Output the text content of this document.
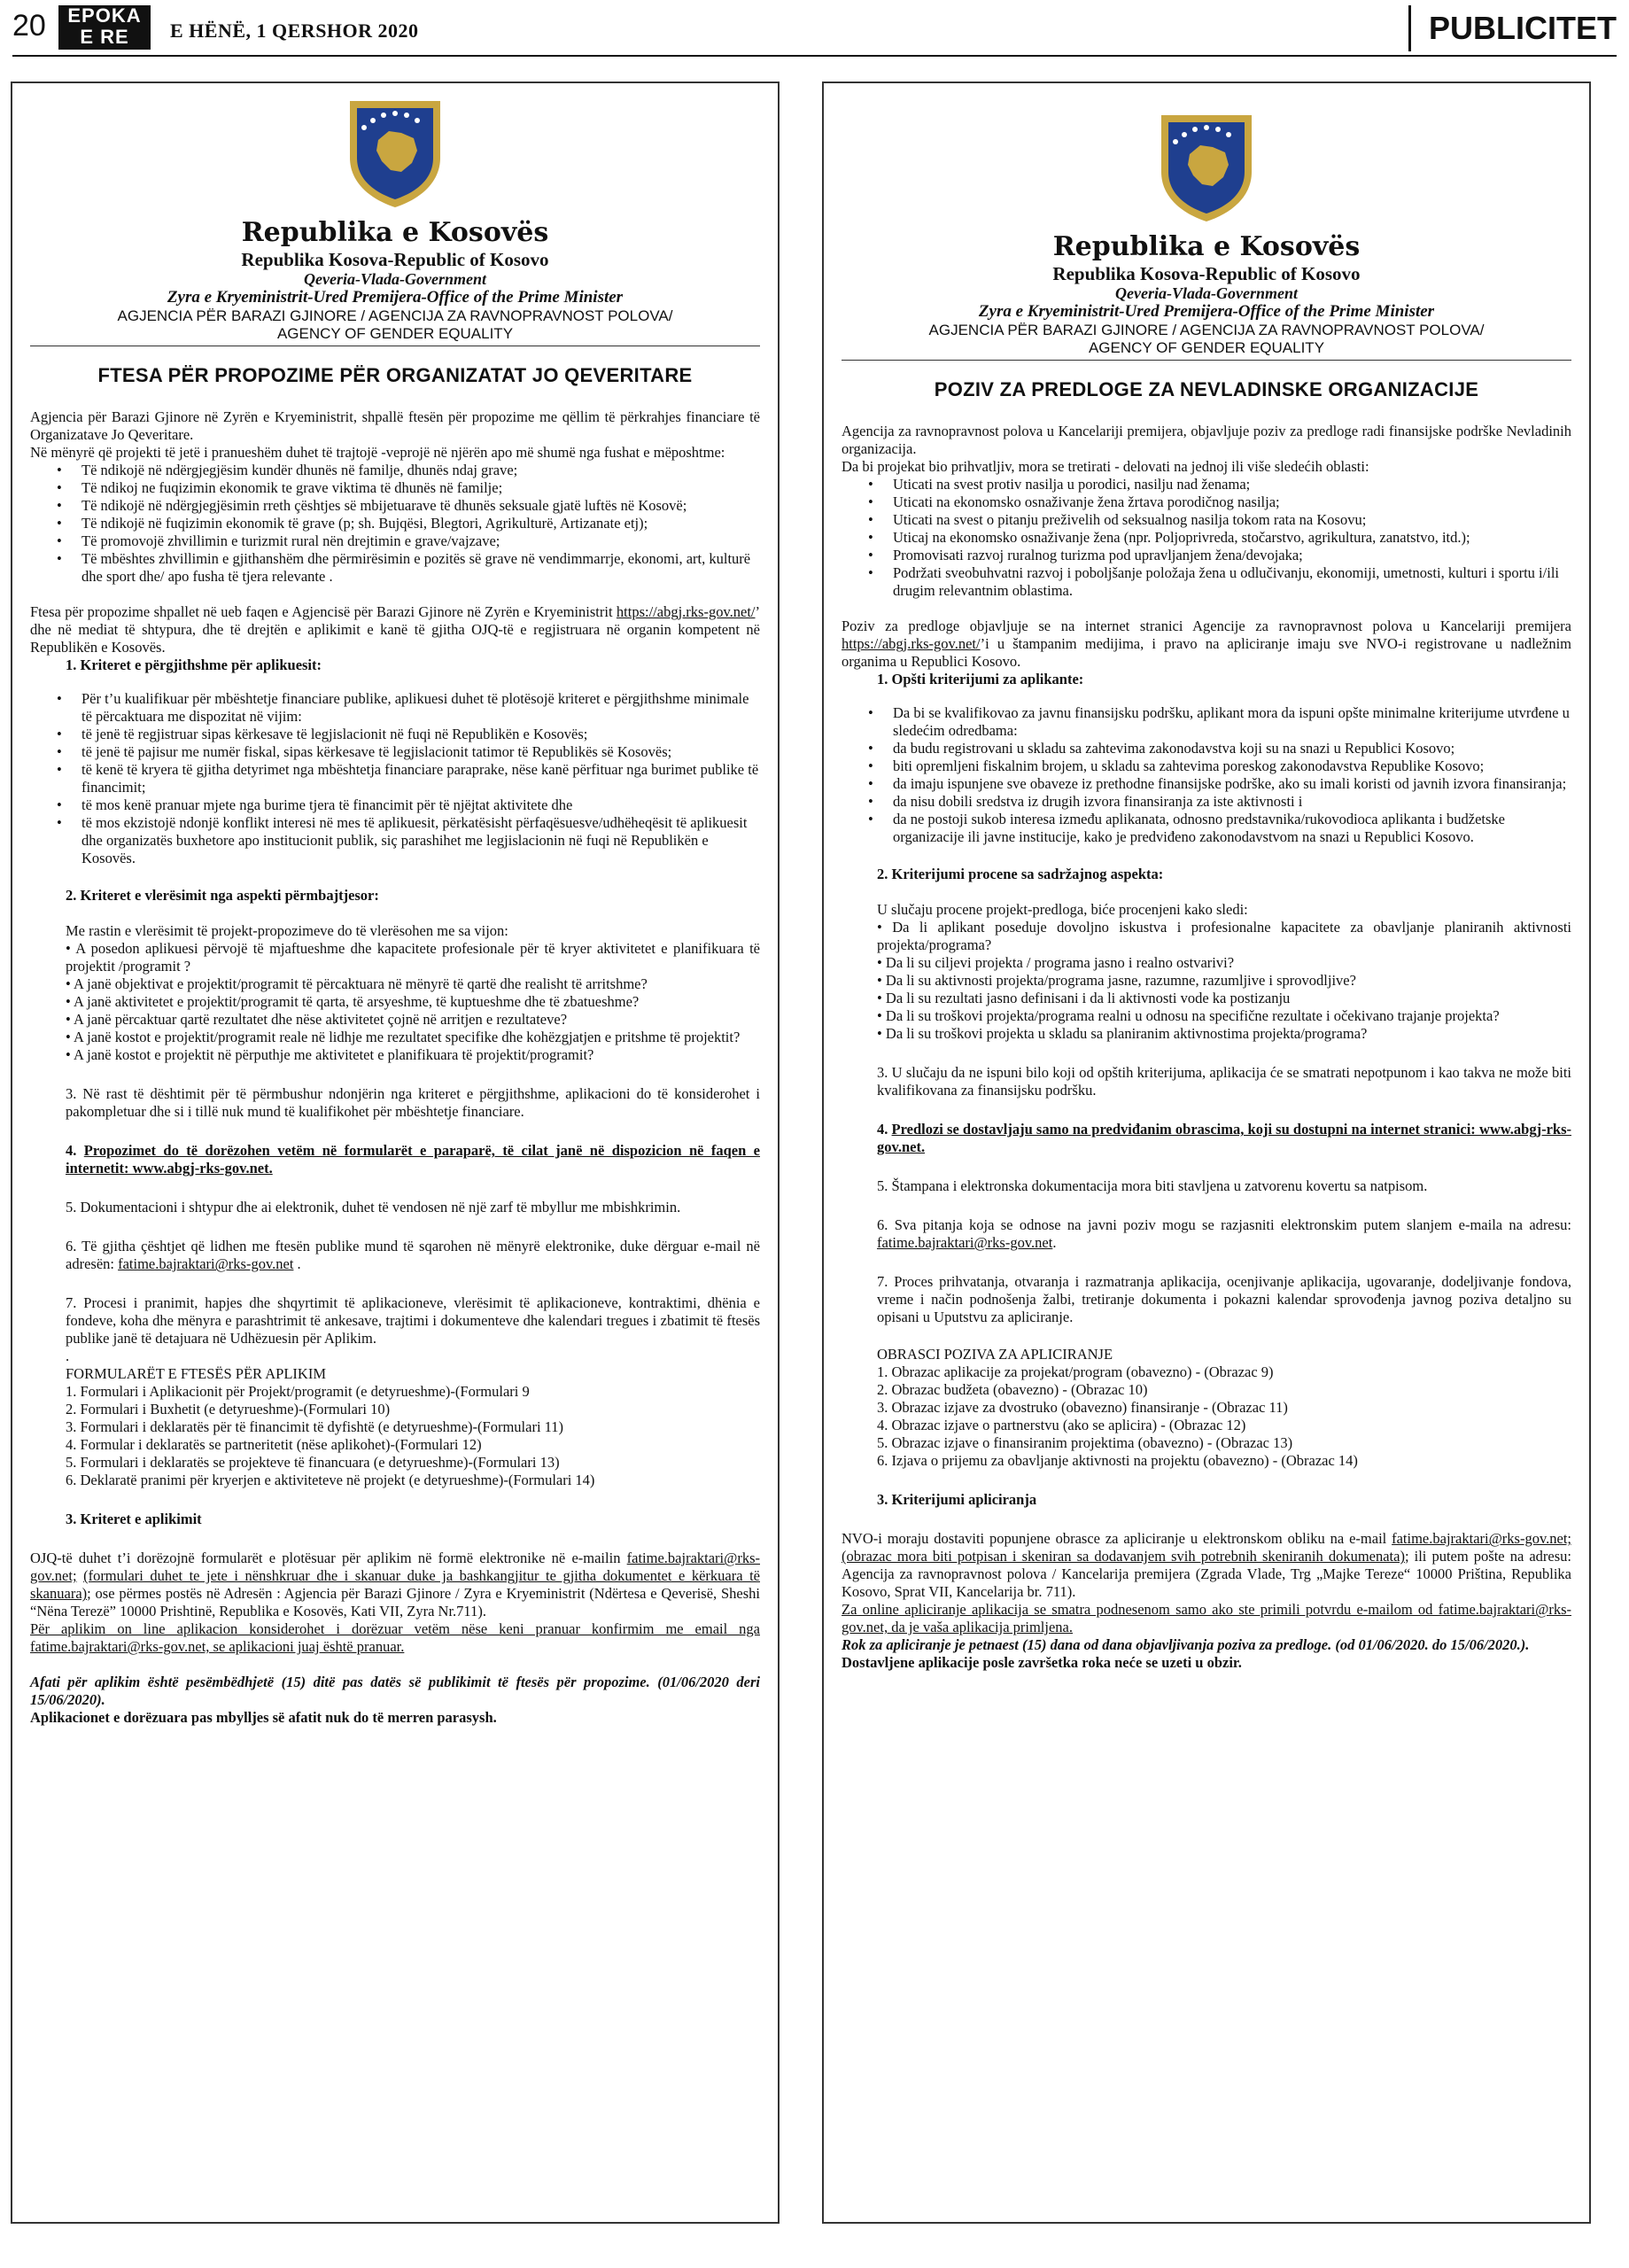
20	EPOKA
E RE	E HËNË, 1 QERSHOR 2020	PUBLICITET
Republika e Kosovës
Republika Kosova-Republic of Kosovo
Qeveria-Vlada-Government
Zyra e Kryeministrit-Ured Premijera-Office of the Prime Minister
AGJENCIA PËR BARAZI GJINORE / AGENCIJA ZA RAVNOPRAVNOST POLOVA/
AGENCY OF GENDER EQUALITY
FTESA PËR PROPOZIME PËR ORGANIZATAT JO QEVERITARE
Agjencia për Barazi Gjinore në Zyrën e Kryeministrit, shpallë ftesën për propozime me qëllim të përkrahjes financiare të Organizatave Jo Qeveritare.
Në mënyrë që projekti të jetë i pranueshëm duhet të trajtojë -veprojë në njërën apo më shumë nga fushat e mëposhtme:
• Të ndikojë në ndërgjegjësim kundër dhunës në familje, dhunës ndaj grave;
• Të ndikoj ne fuqizimin ekonomik te grave viktima të dhunës në familje;
• Të ndikojë në ndërgjegjësimin rreth çështjes së mbijetuarave të dhunës seksuale gjatë luftës në Kosovë;
• Të ndikojë në fuqizimin ekonomik të grave (p; sh. Bujqësi, Blegtori, Agrikulturë, Artizanate etj);
• Të promovojë zhvillimin e turizmit rural nën drejtimin e grave/vajzave;
• Të mbështes zhvillimin e gjithanshëm dhe përmirësimin e pozitës së grave në vendimmarrje, ekonomi, art, kulturë dhe sport dhe/ apo fusha të tjera relevante .
Ftesa për propozime shpallet në ueb faqen e Agjencisë për Barazi Gjinore në Zyrën e Kryeministrit https://abgj.rks-gov.net/’ dhe në mediat të shtypura, dhe të drejtën e aplikimit e kanë të gjitha OJQ-të e regjistruara në organin kompetent në Republikën e Kosovës.
1. Kriteret e përgjithshme për aplikuesit:
• Për t’u kualifikuar për mbështetje financiare publike, aplikuesi duhet të plotësojë kriteret e përgjithshme minimale të përcaktuara me dispozitat në vijim:
• të jenë të regjistruar sipas kërkesave të legjislacionit në fuqi në Republikën e Kosovës;
• të jenë të pajisur me numër fiskal, sipas kërkesave të legjislacionit tatimor të Republikës së Kosovës;
• të kenë të kryera të gjitha detyrimet nga mbështetja financiare paraprake, nëse kanë përfituar nga burimet publike të financimit;
• të mos kenë pranuar mjete nga burime tjera të financimit për të njëjtat aktivitete dhe
• të mos ekzistojë ndonjë konflikt interesi në mes të aplikuesit, përkatësisht përfaqësuesve/udhëheqësit të aplikuesit dhe organizatës buxhetore apo institucionit publik, siç parashihet me legjislacionin në fuqi në Republikën e Kosovës.
2. Kriteret e vlerësimit nga aspekti përmbajtjesor:
Me rastin e vlerësimit të projekt-propozimeve do të vlerësohen me sa vijon:
• A posedon aplikuesi përvojë të mjaftueshme dhe kapacitete profesionale për të kryer aktivitetet e planifikuara të projektit /programit ?
• A janë objektivat e projektit/programit të përcaktuara në mënyrë të qartë dhe realisht të arritshme?
• A janë aktivitetet e projektit/programit të qarta, të arsyeshme, të kuptueshme dhe të zbatueshme?
• A janë përcaktuar qartë rezultatet dhe nëse aktivitetet çojnë në arritjen e rezultateve?
• A janë kostot e projektit/programit reale në lidhje me rezultatet specifike dhe kohëzgjatjen e pritshme të projektit?
• A janë kostot e projektit në përputhje me aktivitetet e planifikuara të projektit/programit?
3. Në rast të dështimit për të përmbushur ndonjërin nga kriteret e përgjithshme, aplikacioni do të konsiderohet i pakompletuar dhe si i tillë nuk mund të kualifikohet për mbështetje financiare.
4. Propozimet do të dorëzohen vetëm në formularët e paraparë, të cilat janë në dispozicion në faqen e internetit: www.abgj-rks-gov.net.
5. Dokumentacioni i shtypur dhe ai elektronik, duhet të vendosen në një zarf të mbyllur me mbishkrimin.
6. Të gjitha çështjet që lidhen me ftesën publike mund të sqarohen në mënyrë elektronike, duke dërguar e-mail në adresën: fatime.bajraktari@rks-gov.net .
7. Procesi i pranimit, hapjes dhe shqyrtimit të aplikacioneve, vlerësimit të aplikacioneve, kontraktimi, dhënia e fondeve, koha dhe mënyra e parashtrimit të ankesave, trajtimi i dokumenteve dhe kalendari tregues i zbatimit të ftesës publike janë të detajuara në Udhëzuesin për Aplikim.
.
FORMULARËT E FTESËS PËR APLIKIM
1. Formulari i Aplikacionit për Projekt/programit (e detyrueshme)-(Formulari 9
2. Formulari i Buxhetit (e detyrueshme)-(Formulari 10)
3. Formulari i deklaratës për të financimit të dyfishtë (e detyrueshme)-(Formulari 11)
4. Formular i deklaratës se partneritetit (nëse aplikohet)-(Formulari 12)
5. Formulari i deklaratës se projekteve të financuara (e detyrueshme)-(Formulari 13)
6. Deklaratë pranimi për kryerjen e aktiviteteve në projekt (e detyrueshme)-(Formulari 14)
3. Kriteret e aplikimit
OJQ-të duhet t’i dorëzojnë formularët e plotësuar për aplikim në formë elektronike në e-mailin fatime.bajraktari@rks-gov.net; (formulari duhet te jete i nënshkruar dhe i skanuar duke ja bashkangjitur te gjitha dokumentet e kërkuara të skanuara); ose përmes postës në Adresën : Agjencia për Barazi Gjinore / Zyra e Kryeministrit (Ndërtesa e Qeverisë, Sheshi “Nëna Terezë” 10000 Prishtinë, Republika e Kosovës, Kati VII, Zyra Nr.711).
Për aplikim on line aplikacion konsiderohet i dorëzuar vetëm nëse keni pranuar konfirmim me email nga fatime.bajraktari@rks-gov.net, se aplikacioni juaj është pranuar.
Afati për aplikim është pesëmbëdhjetë (15) ditë pas datës së publikimit të ftesës për propozime. (01/06/2020 deri 15/06/2020).
Aplikacionet e dorëzuara pas mbylljes së afatit nuk do të merren parasysh.
Republika e Kosovës
Republika Kosova-Republic of Kosovo
Qeveria-Vlada-Government
Zyra e Kryeministrit-Ured Premijera-Office of the Prime Minister
AGJENCIA PËR BARAZI GJINORE / AGENCIJA ZA RAVNOPRAVNOST POLOVA/
AGENCY OF GENDER EQUALITY
POZIV ZA PREDLOGE ZA NEVLADINSKE ORGANIZACIJE
Agencija za ravnopravnost polova u Kancelariji premijera, objavljuje poziv za predloge radi finansijske podrške Nevladinih organizacija.
Da bi projekat bio prihvatljiv, mora se tretirati - delovati na jednoj ili više sledećih oblasti:
• Uticati na svest protiv nasilja u porodici, nasilju nad ženama;
• Uticati na ekonomsko osnaživanje žena žrtava porodičnog nasilja;
• Uticati na svest o pitanju preživelih od seksualnog nasilja tokom rata na Kosovu;
• Uticaj na ekonomsko osnaživanje žena (npr. Poljoprivreda, stočarstvo, agrikultura, zanatstvo, itd.);
• Promovisati razvoj ruralnog turizma pod upravljanjem žena/devojaka;
• Podržati sveobuhvatni razvoj i poboljšanje položaja žena u odlučivanju, ekonomiji, umetnosti, kulturi i sportu i/ili drugim relevantnim oblastima.
Poziv za predloge objavljuje se na internet stranici Agencije za ravnopravnost polova u Kancelariji premijera https://abgj.rks-gov.net/’i u štampanim medijima, i pravo na apliciranje imaju sve NVO-i registrovane u nadležnim organima u Republici Kosovo.
1. Opšti kriterijumi za aplikante:
• Da bi se kvalifikovao za javnu finansijsku podršku, aplikant mora da ispuni opšte minimalne kriterijume utvrđene u sledećim odredbama:
• da budu registrovani u skladu sa zahtevima zakonodavstva koji su na snazi u Republici Kosovo;
• biti opremljeni fiskalnim brojem, u skladu sa zahtevima poreskog zakonodavstva Republike Kosovo;
• da imaju ispunjene sve obaveze iz prethodne finansijske podrške, ako su imali koristi od javnih izvora finansiranja;
• da nisu dobili sredstva iz drugih izvora finansiranja za iste aktivnosti i
• da ne postoji sukob interesa između aplikanata, odnosno predstavnika/rukovodioca aplikanta i budžetske organizacije ili javne institucije, kako je predviđeno zakonodavstvom na snazi u Republici Kosovo.
2. Kriterijumi procene sa sadržajnog aspekta:
U slučaju procene projekt-predloga, biće procenjeni kako sledi:
• Da li aplikant poseduje dovoljno iskustva i profesionalne kapacitete za obavljanje planiranih aktivnosti projekta/programa?
• Da li su ciljevi projekta / programa jasno i realno ostvarivi?
• Da li su aktivnosti projekta/programa jasne, razumne, razumljive i sprovodljive?
• Da li su rezultati jasno definisani i da li aktivnosti vode ka postizanju
• Da li su troškovi projekta/programa realni u odnosu na specifične rezultate i očekivano trajanje projekta?
• Da li su troškovi projekta u skladu sa planiranim aktivnostima projekta/programa?
3. U slučaju da ne ispuni bilo koji od opštih kriterijuma, aplikacija će se smatrati nepotpunom i kao takva ne može biti kvalifikovana za finansijsku podršku.
4. Predlozi se dostavljaju samo na predviđanim obrascima, koji su dostupni na internet stranici: www.abgj-rks-gov.net.
5. Štampana i elektronska dokumentacija mora biti stavljena u zatvorenu kovertu sa natpisom.
6. Sva pitanja koja se odnose na javni poziv mogu se razjasniti elektronskim putem slanjem e-maila na adresu: fatime.bajraktari@rks-gov.net.
7. Proces prihvatanja, otvaranja i razmatranja aplikacija, ocenjivanje aplikacija, ugovaranje, dodeljivanje fondova, vreme i način podnošenja žalbi, tretiranje dokumenta i pokazni kalendar sprovođenja javnog poziva detaljno su opisani u Uputstvu za apliciranje.
OBRASCI POZIVA ZA APLICIRANJE
1. Obrazac aplikacije za projekat/program (obavezno) - (Obrazac 9)
2. Obrazac budžeta (obavezno) - (Obrazac 10)
3. Obrazac izjave za dvostruko (obavezno) finansiranje - (Obrazac 11)
4. Obrazac izjave o partnerstvu (ako se aplicira) - (Obrazac 12)
5. Obrazac izjave o finansiranim projektima (obavezno) - (Obrazac 13)
6. Izjava o prijemu za obavljanje aktivnosti na projektu (obavezno) - (Obrazac 14)
3. Kriterijumi apliciranja
NVO-i moraju dostaviti popunjene obrasce za apliciranje u elektronskom obliku na e-mail fatime.bajraktari@rks-gov.net; (obrazac mora biti potpisan i skeniran sa dodavanjem svih potrebnih skeniranih dokumenata); ili putem pošte na adresu: Agencija za ravnopravnost polova / Kancelarija premijera (Zgrada Vlade, Trg „Majke Tereze“ 10000 Priština, Republika Kosovo, Sprat VII, Kancelarija br. 711).
Za online apliciranje aplikacija se smatra podnesenom samo ako ste primili potvrdu e-mailom od fatime.bajraktari@rks-gov.net, da je vaša aplikacija primljena.
Rok za apliciranje je petnaest (15) dana od dana objavljivanja poziva za predloge. (od 01/06/2020. do 15/06/2020.).
Dostavljene aplikacije posle završetka roka neće se uzeti u obzir.
